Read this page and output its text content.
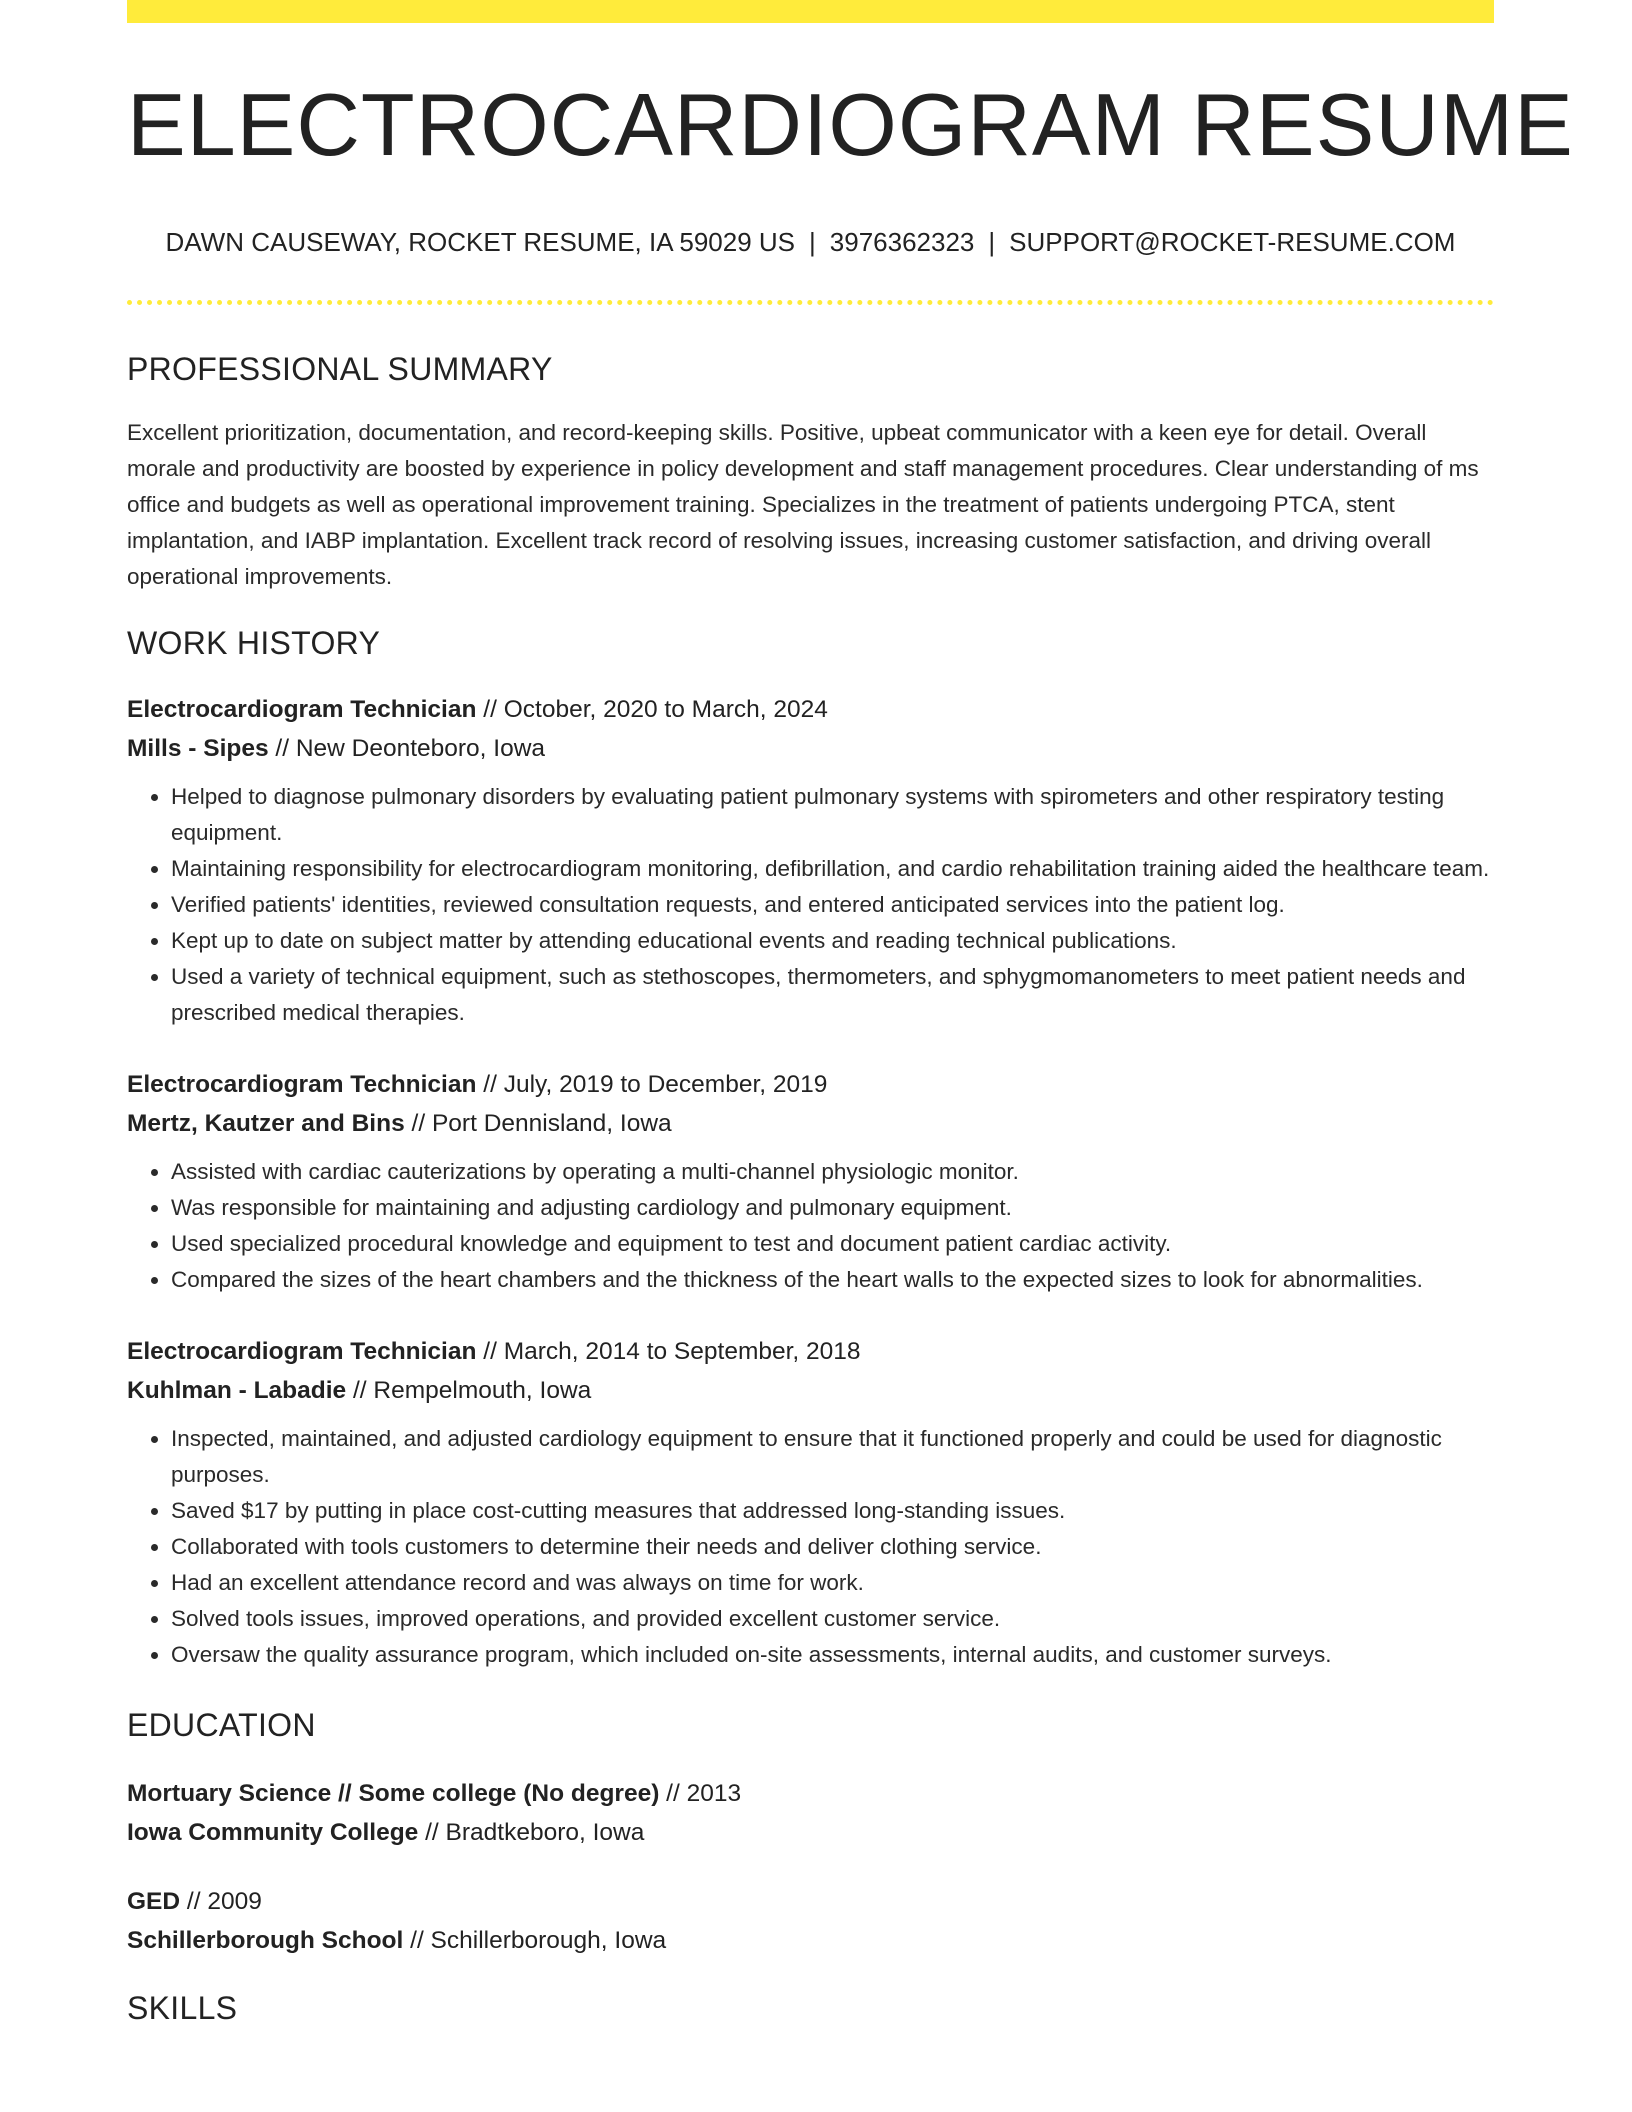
ELECTROCARDIOGRAM RESUME
DAWN CAUSEWAY, ROCKET RESUME, IA 59029 US | 3976362323 | SUPPORT@ROCKET-RESUME.COM
PROFESSIONAL SUMMARY
Excellent prioritization, documentation, and record-keeping skills. Positive, upbeat communicator with a keen eye for detail. Overall morale and productivity are boosted by experience in policy development and staff management procedures. Clear understanding of ms office and budgets as well as operational improvement training. Specializes in the treatment of patients undergoing PTCA, stent implantation, and IABP implantation. Excellent track record of resolving issues, increasing customer satisfaction, and driving overall operational improvements.
WORK HISTORY
Electrocardiogram Technician // October, 2020 to March, 2024
Mills - Sipes // New Deonteboro, Iowa
• Helped to diagnose pulmonary disorders by evaluating patient pulmonary systems with spirometers and other respiratory testing equipment.
• Maintaining responsibility for electrocardiogram monitoring, defibrillation, and cardio rehabilitation training aided the healthcare team.
• Verified patients' identities, reviewed consultation requests, and entered anticipated services into the patient log.
• Kept up to date on subject matter by attending educational events and reading technical publications.
• Used a variety of technical equipment, such as stethoscopes, thermometers, and sphygmomanometers to meet patient needs and prescribed medical therapies.
Electrocardiogram Technician // July, 2019 to December, 2019
Mertz, Kautzer and Bins // Port Dennisland, Iowa
• Assisted with cardiac cauterizations by operating a multi-channel physiologic monitor.
• Was responsible for maintaining and adjusting cardiology and pulmonary equipment.
• Used specialized procedural knowledge and equipment to test and document patient cardiac activity.
• Compared the sizes of the heart chambers and the thickness of the heart walls to the expected sizes to look for abnormalities.
Electrocardiogram Technician // March, 2014 to September, 2018
Kuhlman - Labadie // Rempelmouth, Iowa
• Inspected, maintained, and adjusted cardiology equipment to ensure that it functioned properly and could be used for diagnostic purposes.
• Saved $17 by putting in place cost-cutting measures that addressed long-standing issues.
• Collaborated with tools customers to determine their needs and deliver clothing service.
• Had an excellent attendance record and was always on time for work.
• Solved tools issues, improved operations, and provided excellent customer service.
• Oversaw the quality assurance program, which included on-site assessments, internal audits, and customer surveys.
EDUCATION
Mortuary Science // Some college (No degree) // 2013
Iowa Community College // Bradtkeboro, Iowa
GED // 2009
Schillerborough School // Schillerborough, Iowa
SKILLS
